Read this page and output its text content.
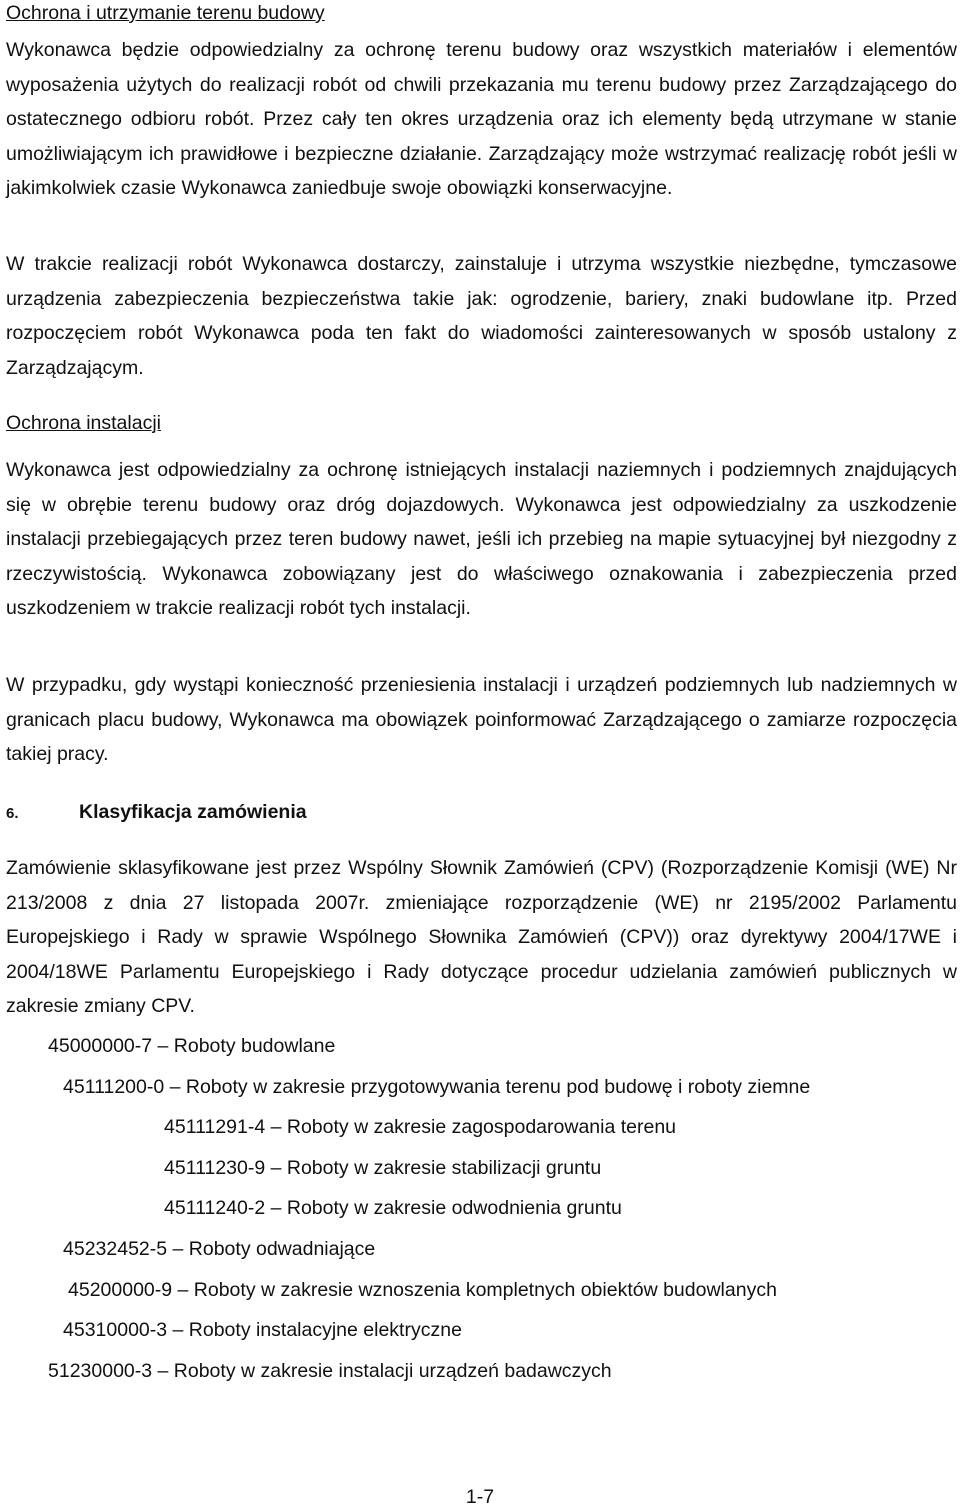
Ochrona i utrzymanie terenu budowy

Wykonawca będzie odpowiedzialny za ochronę terenu budowy oraz wszystkich materiałów i elementów wyposażenia użytych do realizacji robót od chwili przekazania mu terenu budowy przez Zarządzającego do ostatecznego odbioru robót. Przez cały ten okres urządzenia oraz ich elementy będą utrzymane w stanie umożliwiającym ich prawidłowe i bezpieczne działanie. Zarządzający może wstrzymać realizację robót jeśli w jakimkolwiek czasie Wykonawca zaniedbuje swoje obowiązki konserwacyjne.

W trakcie realizacji robót Wykonawca dostarczy, zainstaluje i utrzyma wszystkie niezbędne, tymczasowe urządzenia zabezpieczenia bezpieczeństwa takie jak: ogrodzenie, bariery, znaki budowlane itp. Przed rozpoczęciem robót Wykonawca poda ten fakt do wiadomości zainteresowanych w sposób ustalony z Zarządzającym.

Ochrona instalacji

Wykonawca jest odpowiedzialny za ochronę istniejących instalacji naziemnych i podziemnych znajdujących się w obrębie terenu budowy oraz dróg dojazdowych. Wykonawca jest odpowiedzialny za uszkodzenie instalacji przebiegających przez teren budowy nawet, jeśli ich przebieg na mapie sytuacyjnej był niezgodny z rzeczywistością. Wykonawca zobowiązany jest do właściwego oznakowania i zabezpieczenia przed uszkodzeniem w trakcie realizacji robót tych instalacji.

W przypadku, gdy wystąpi konieczność przeniesienia instalacji i urządzeń podziemnych lub nadziemnych w granicach placu budowy, Wykonawca ma obowiązek poinformować Zarządzającego o zamiarze rozpoczęcia takiej pracy.

6.	Klasyfikacja zamówienia

Zamówienie sklasyfikowane jest przez Wspólny Słownik Zamówień (CPV) (Rozporządzenie Komisji (WE) Nr 213/2008 z dnia 27 listopada 2007r. zmieniające rozporządzenie (WE) nr 2195/2002 Parlamentu Europejskiego i Rady w sprawie Wspólnego Słownika Zamówień (CPV)) oraz dyrektywy 2004/17WE i 2004/18WE Parlamentu Europejskiego i Rady dotyczące procedur udzielania zamówień publicznych w zakresie zmiany CPV.

45000000-7 – Roboty budowlane
45111200-0 – Roboty w zakresie przygotowywania terenu pod budowę i roboty ziemne
45111291-4 – Roboty w zakresie zagospodarowania terenu
45111230-9 – Roboty w zakresie stabilizacji gruntu
45111240-2 – Roboty w zakresie odwodnienia gruntu
45232452-5 – Roboty odwadniające
45200000-9 – Roboty w zakresie wznoszenia kompletnych obiektów budowlanych
45310000-3 – Roboty instalacyjne elektryczne
51230000-3 – Roboty w zakresie instalacji urządzeń badawczych
1-7
